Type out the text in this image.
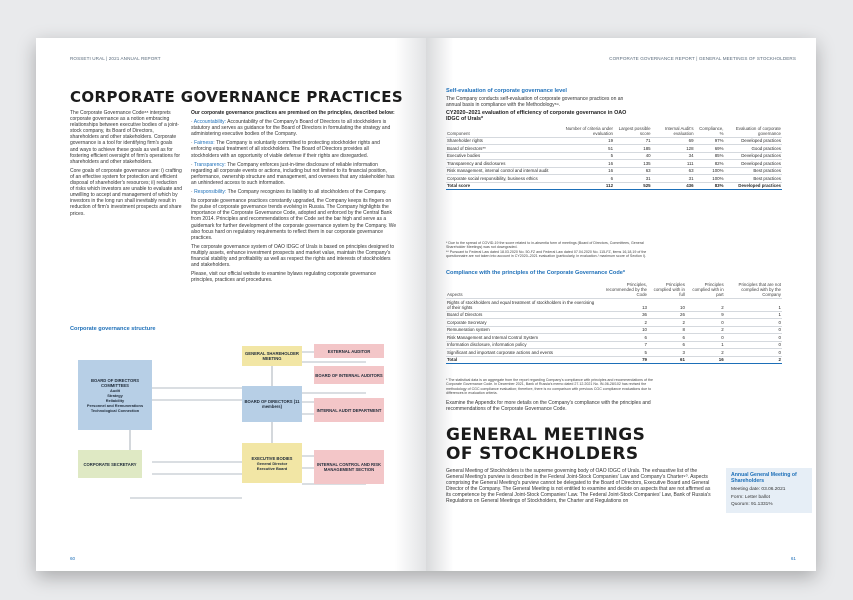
ROSSETI URAL | 2021 ANNUAL REPORT
CORPORATE GOVERNANCE PRACTICES

The Corporate Governance Code⁸⁸ interprets corporate governance as a notion embracing relationships between executive bodies of a joint-stock company, its Board of Directors, shareholders and other stakeholders. Corporate governance is a tool for identifying firm's goals and ways to achieve these goals as well as for fostering efficient oversight of firm's operations for shareholders and other stakeholders.

Core goals of corporate governance are: i) crafting of an effective system for protection and efficient disposal of shareholder's resources; ii) reduction of risks which investors are unable to evaluate and unwilling to accept and management of which by investors in the long run shall inevitably result in reduction of firm's investment prospects and share prices.

Our corporate governance practices are premised on the principles, described below:

· Accountability: Accountability of the Company's Board of Directors to all stockholders is statutory and serves as guidance for the Board of Directors in formulating the strategy and administering executive bodies of the Company.

· Fairness: The Company is voluntarily committed to protecting stockholder rights and enforcing equal treatment of all stockholders. The Board of Directors provides all stockholders with an opportunity of viable defense if their rights are disregarded.

· Transparency: The Company enforces just-in-time disclosure of reliable information regarding all corporate events or actions, including but not limited to its financial position, performance, ownership structure and management, and oversees that any stakeholder has an unhindered access to such information.

· Responsibility: The Company recognizes its liability to all stockholders of the Company.

Its corporate governance practices constantly upgraded, the Company keeps its fingers on the pulse of corporate governance trends evolving in Russia. The Company highlights the importance of the Corporate Governance Code, adopted and enforced by the Central Bank from 2014. Principles and recommendations of the Code set the bar high and serve as a guidemark for further development of the corporate governance system by the Company. We also focus hard on regulatory requirements to reflect them in our corporate governance practices.

The corporate governance system of OAO IDGC of Urals is based on principles designed to multiply assets, enhance investment prospects and market value, maintain the Company's financial stability and profitability as well as respect the rights and interests of stockholders and stakeholders.

Please, visit our official website to examine bylaws regulating corporate governance principles, practices and procedures.

Corporate governance structure
BOARD OF DIRECTORS COMMITTEES
Audit
Strategy
Reliability
Personnel and Remunerations
Technological Connection
GENERAL SHAREHOLDER MEETING
BOARD OF DIRECTORS (11 members)
EXECUTIVE BODIES
General Director
Executive Board
EXTERNAL AUDITOR
BOARD OF INTERNAL AUDITORS
INTERNAL AUDIT DEPARTMENT
INTERNAL CONTROL AND RISK MANAGEMENT SECTION
CORPORATE SECRETARY
60
CORPORATE GOVERNANCE REPORT | GENERAL MEETINGS OF STOCKHOLDERS
Self-evaluation of corporate governance level
The Company conducts self-evaluation of corporate governance practices on an annual basis in compliance with the Methodology⁸⁹.
CY2020–2021 evaluation of efficiency of corporate governance in OAO IDGC of Urals*
Component	Number of criteria under evaluation	Largest possible score	Internal Audit's evaluation	Compliance, %	Evaluation of corporate governance
Shareholder rights	19	71	69	97%	Developed practices
Board of Directors**	51	185	128	69%	Good practices
Executive bodies	5	40	34	85%	Developed practices
Transparency and disclosures	16	135	111	82%	Developed practices
Risk management, internal control and internal audit	16	63	63	100%	Best practices
Corporate social responsibility, business ethics	6	31	31	100%	Best practices
Total score	112	525	436	83%	Developed practices
* Due to the spread of COVID-19 the score related to in-absentia form of meetings (Board of Directors, Committees, General Shareholder Meetings) was not downgraded.
** Pursuant to Federal Law dated 18.03.2020 No. 50-FZ and Federal Law dated 07.04.2020 No. 115-FZ, items 16,18,19 of the questionnaire are not taken into account in CY2020–2021 evaluation (particularly, in evaluation / maximum score of Section I).
Compliance with the principles of the Corporate Governance Code*
Aspects	Principles, recommended by the Code	Principles complied with in full	Principles complied with in part	Principles that are not complied with by the Company
Rights of stockholders and equal treatment of stockholders in the exercising of their rights	13	10	2	1
Board of Directors	36	26	9	1
Corporate Secretary	2	2	0	0
Remuneration system	10	8	2	0
Risk Management and Internal Control System	6	6	0	0
Information disclosure, information policy	7	6	1	0
Significant and important corporate actions and events	5	3	2	0
Total	79	61	16	2
* The statistical data is an aggregate from the report regarding Company's compliance with principles and recommendations of the Corporate Governance Code. In December 2021, Bank of Russia's memo dated 27.12.2021 No. IN-06-28/102 has revised the methodology of CGC compliance evaluation; therefore, there is no comparison with previous CGC compliance evaluations due to differences in evaluation criteria.
Examine the Appendix for more details on the Company's compliance with the principles and recommendations of the Corporate Governance Code.
GENERAL MEETINGS
OF STOCKHOLDERS
General Meeting of Stockholders is the supreme governing body of OAO IDGC of Urals. The exhaustive list of the General Meeting's purview is described in the Federal Joint-Stock Companies' Law and Company's Charter⁹⁰. Aspects comprising the General Meeting's purview cannot be delegated to the Board of Directors, Executive Board and General Director of the Company. The General Meeting is not entitled to examine and decide on aspects that are not affirmed as its competence by the Federal Joint-Stock Companies' Law. The Federal Joint-Stock Companies' Law, Bank of Russia's Regulations on General Meetings of Stockholders, the Charter and Regulations on
Annual General Meeting of Shareholders
Meeting date: 03.06.2021
Form: Letter ballot
Quorum: 91.1331%
61
